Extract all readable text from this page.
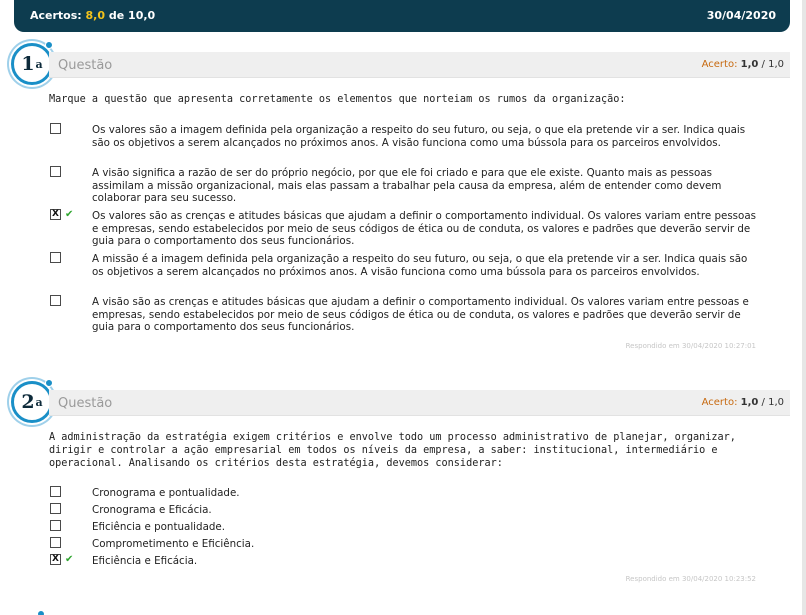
Acertos: 8,0 de 10,0	30/04/2020
1 a Questão	Acerto: 1,0 / 1,0
Marque a questão que apresenta corretamente os elementos que norteiam os rumos da organização:
Os valores são a imagem definida pela organização a respeito do seu futuro, ou seja, o que ela pretende vir a ser. Indica quais são os objetivos a serem alcançados no próximos anos. A visão funciona como uma bússola para os parceiros envolvidos.
A visão significa a razão de ser do próprio negócio, por que ele foi criado e para que ele existe. Quanto mais as pessoas assimilam a missão organizacional, mais elas passam a trabalhar pela causa da empresa, além de entender como devem colaborar para seu sucesso.
X ✔ Os valores são as crenças e atitudes básicas que ajudam a definir o comportamento individual. Os valores variam entre pessoas e empresas, sendo estabelecidos por meio de seus códigos de ética ou de conduta, os valores e padrões que deverão servir de guia para o comportamento dos seus funcionários.
A missão é a imagem definida pela organização a respeito do seu futuro, ou seja, o que ela pretende vir a ser. Indica quais são os objetivos a serem alcançados no próximos anos. A visão funciona como uma bússola para os parceiros envolvidos.
A visão são as crenças e atitudes básicas que ajudam a definir o comportamento individual. Os valores variam entre pessoas e empresas, sendo estabelecidos por meio de seus códigos de ética ou de conduta, os valores e padrões que deverão servir de guia para o comportamento dos seus funcionários.
Respondido em 30/04/2020 10:27:01
2 a Questão	Acerto: 1,0 / 1,0
A administração da estratégia exigem critérios e envolve todo um processo administrativo de planejar, organizar, dirigir e controlar a ação empresarial em todos os níveis da empresa, a saber: institucional, intermediário e operacional. Analisando os critérios desta estratégia, devemos considerar:
Cronograma e pontualidade.
Cronograma e Eficácia.
Eficiência e pontualidade.
Comprometimento e Eficiência.
X ✔ Eficiência e Eficácia.
Respondido em 30/04/2020 10:23:52
